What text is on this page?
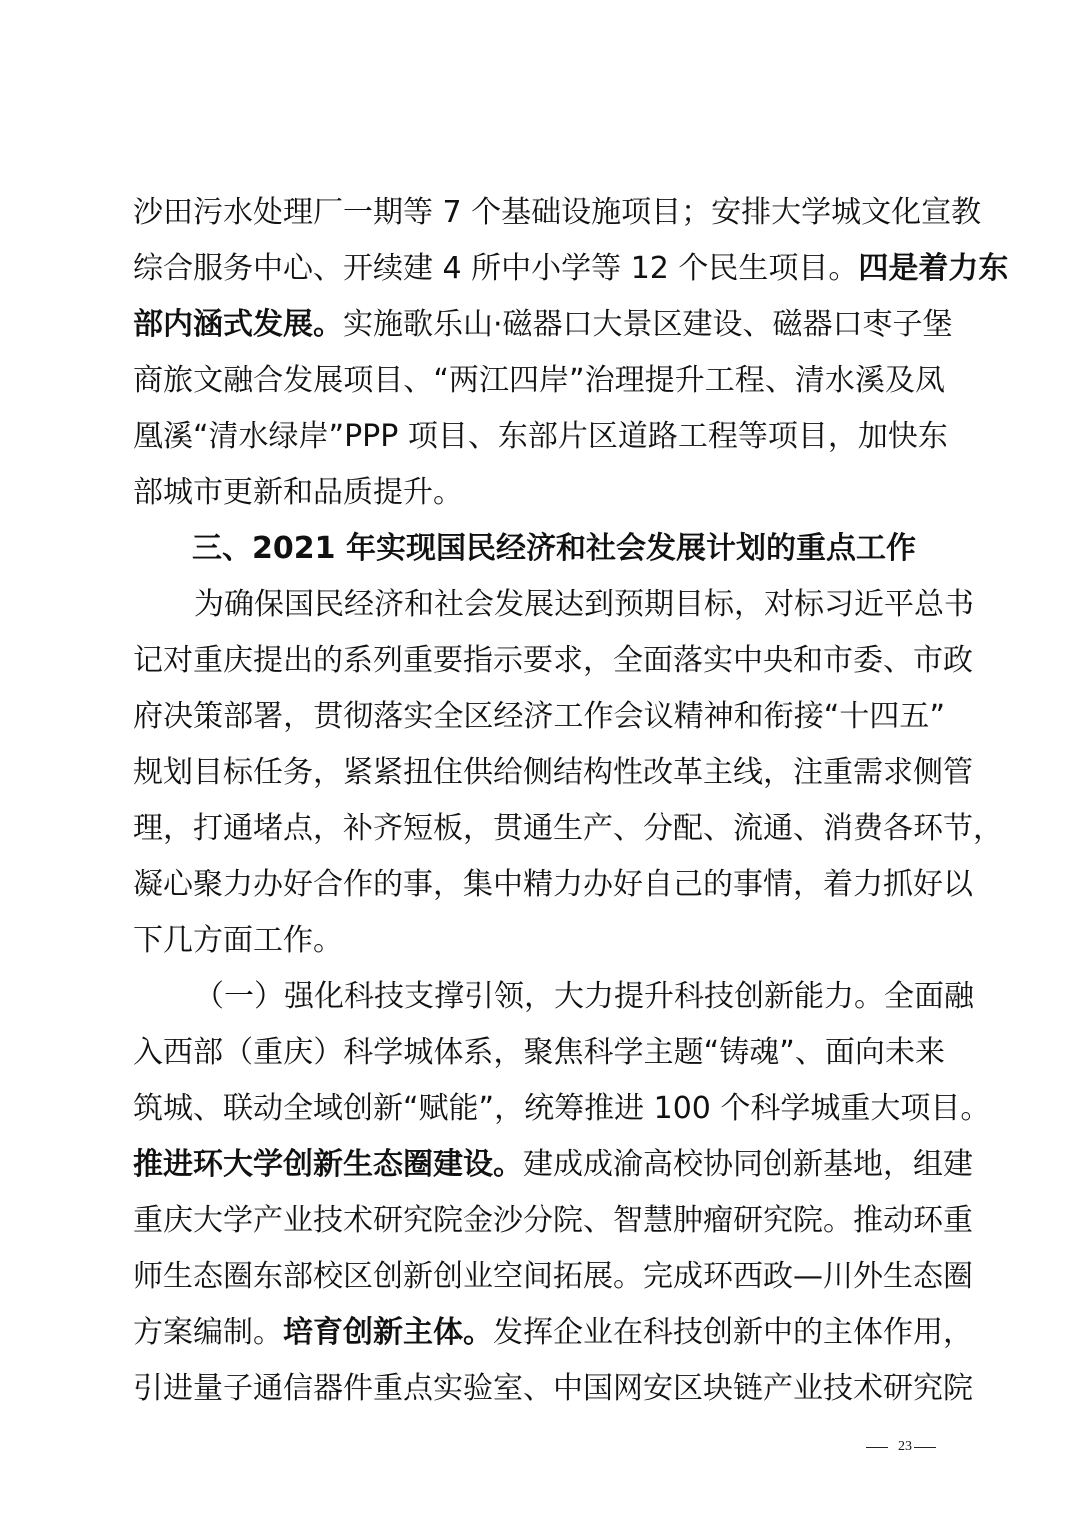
沙田污水处理厂一期等 7 个基础设施项目；安排大学城文化宣教
综合服务中心、开续建 4 所中小学等 12 个民生项目。四是着力东
部内涵式发展。实施歌乐山·磁器口大景区建设、磁器口枣子堡
商旅文融合发展项目、“两江四岸”治理提升工程、清水溪及凤
凰溪“清水绿岸”PPP 项目、东部片区道路工程等项目，加快东
部城市更新和品质提升。
三、2021 年实现国民经济和社会发展计划的重点工作
为确保国民经济和社会发展达到预期目标，对标习近平总书
记对重庆提出的系列重要指示要求，全面落实中央和市委、市政
府决策部署，贯彻落实全区经济工作会议精神和衔接“十四五”
规划目标任务，紧紧扭住供给侧结构性改革主线，注重需求侧管
理，打通堵点，补齐短板，贯通生产、分配、流通、消费各环节，
凝心聚力办好合作的事，集中精力办好自己的事情，着力抓好以
下几方面工作。
（一）强化科技支撑引领，大力提升科技创新能力。全面融
入西部（重庆）科学城体系，聚焦科学主题“铸魂”、面向未来
筑城、联动全域创新“赋能”，统筹推进 100 个科学城重大项目。
推进环大学创新生态圈建设。建成成渝高校协同创新基地，组建
重庆大学产业技术研究院金沙分院、智慧肿瘤研究院。推动环重
师生态圈东部校区创新创业空间拓展。完成环西政—川外生态圈
方案编制。培育创新主体。发挥企业在科技创新中的主体作用，
引进量子通信器件重点实验室、中国网安区块链产业技术研究院
23
